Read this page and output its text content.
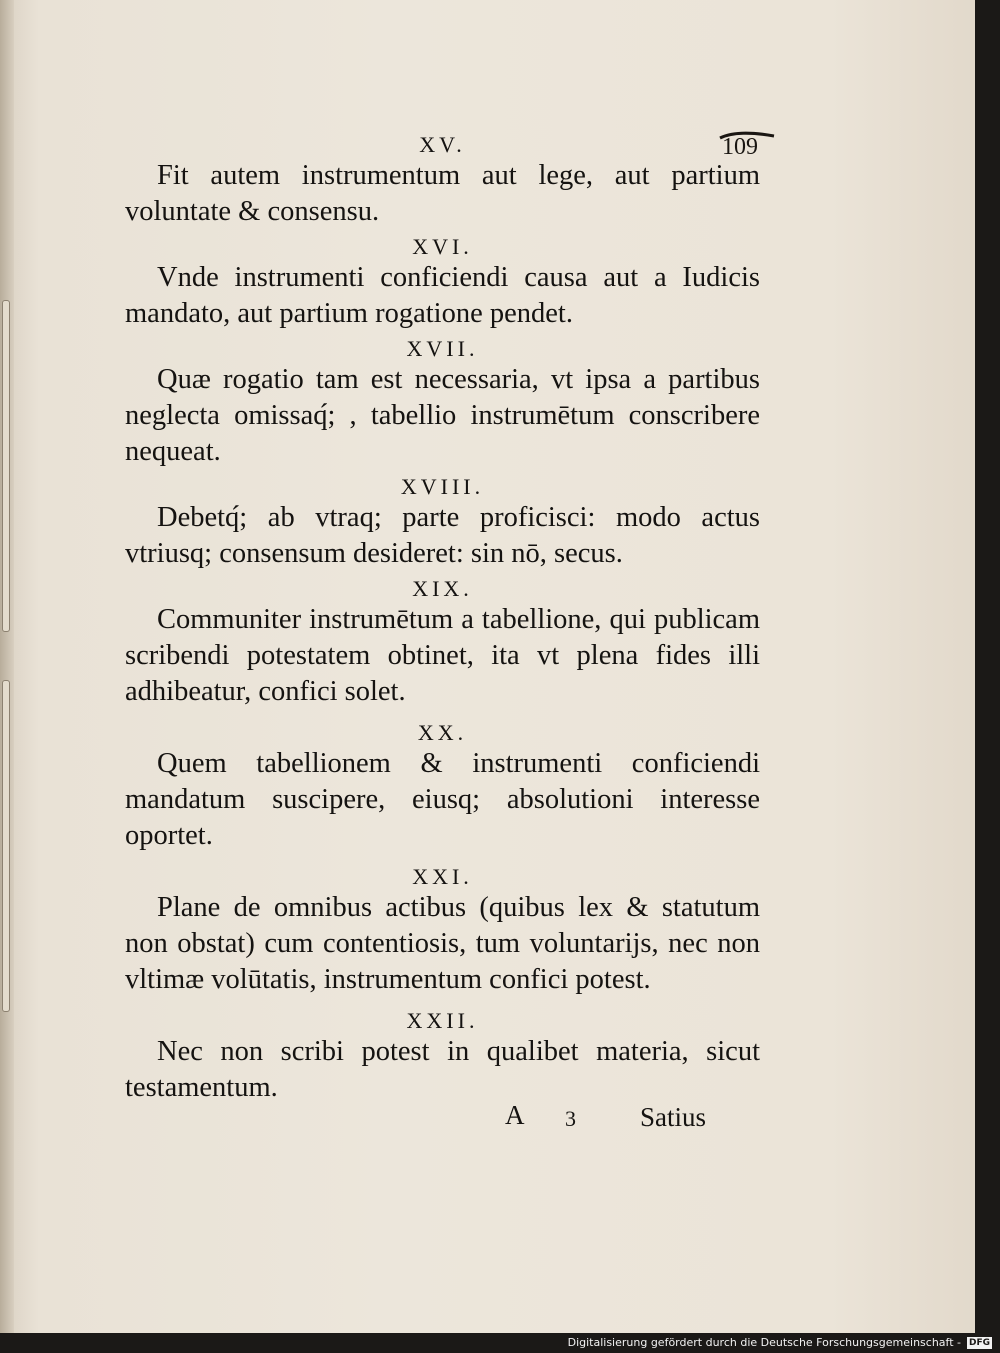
109
XV.

Fit autem instrumentum aut lege, aut partium voluntate & consensu.

XVI.

Vnde instrumenti conficiendi causa aut a Iudicis mandato, aut partium rogatione pendet.

XVII.

Quæ rogatio tam est necessaria, vt ipsa a partibus neglecta omissaq́; , tabellio instrumētum conscribere nequeat.

XVIII.

Debetq́; ab vtraq; parte proficisci: modo actus vtriusq; consensum desideret: sin nō, secus.

XIX.

Communiter instrumētum a tabellione, qui publicam scribendi potestatem obtinet, ita vt plena fides illi adhibeatur, confici solet.

XX.

Quem tabellionem & instrumenti conficiendi mandatum suscipere, eiusq; absolutioni interesse oportet.

XXI.

Plane de omnibus actibus (quibus lex & statutum non obstat) cum contentiosis, tum voluntarijs, nec non vltimæ volūtatis, instrumentum confici potest.

XXII.

Nec non scribi potest in qualibet materia, sicut testamentum.

A 3 Satius
Digitalisierung gefördert durch die Deutsche Forschungsgemeinschaft - DFG
